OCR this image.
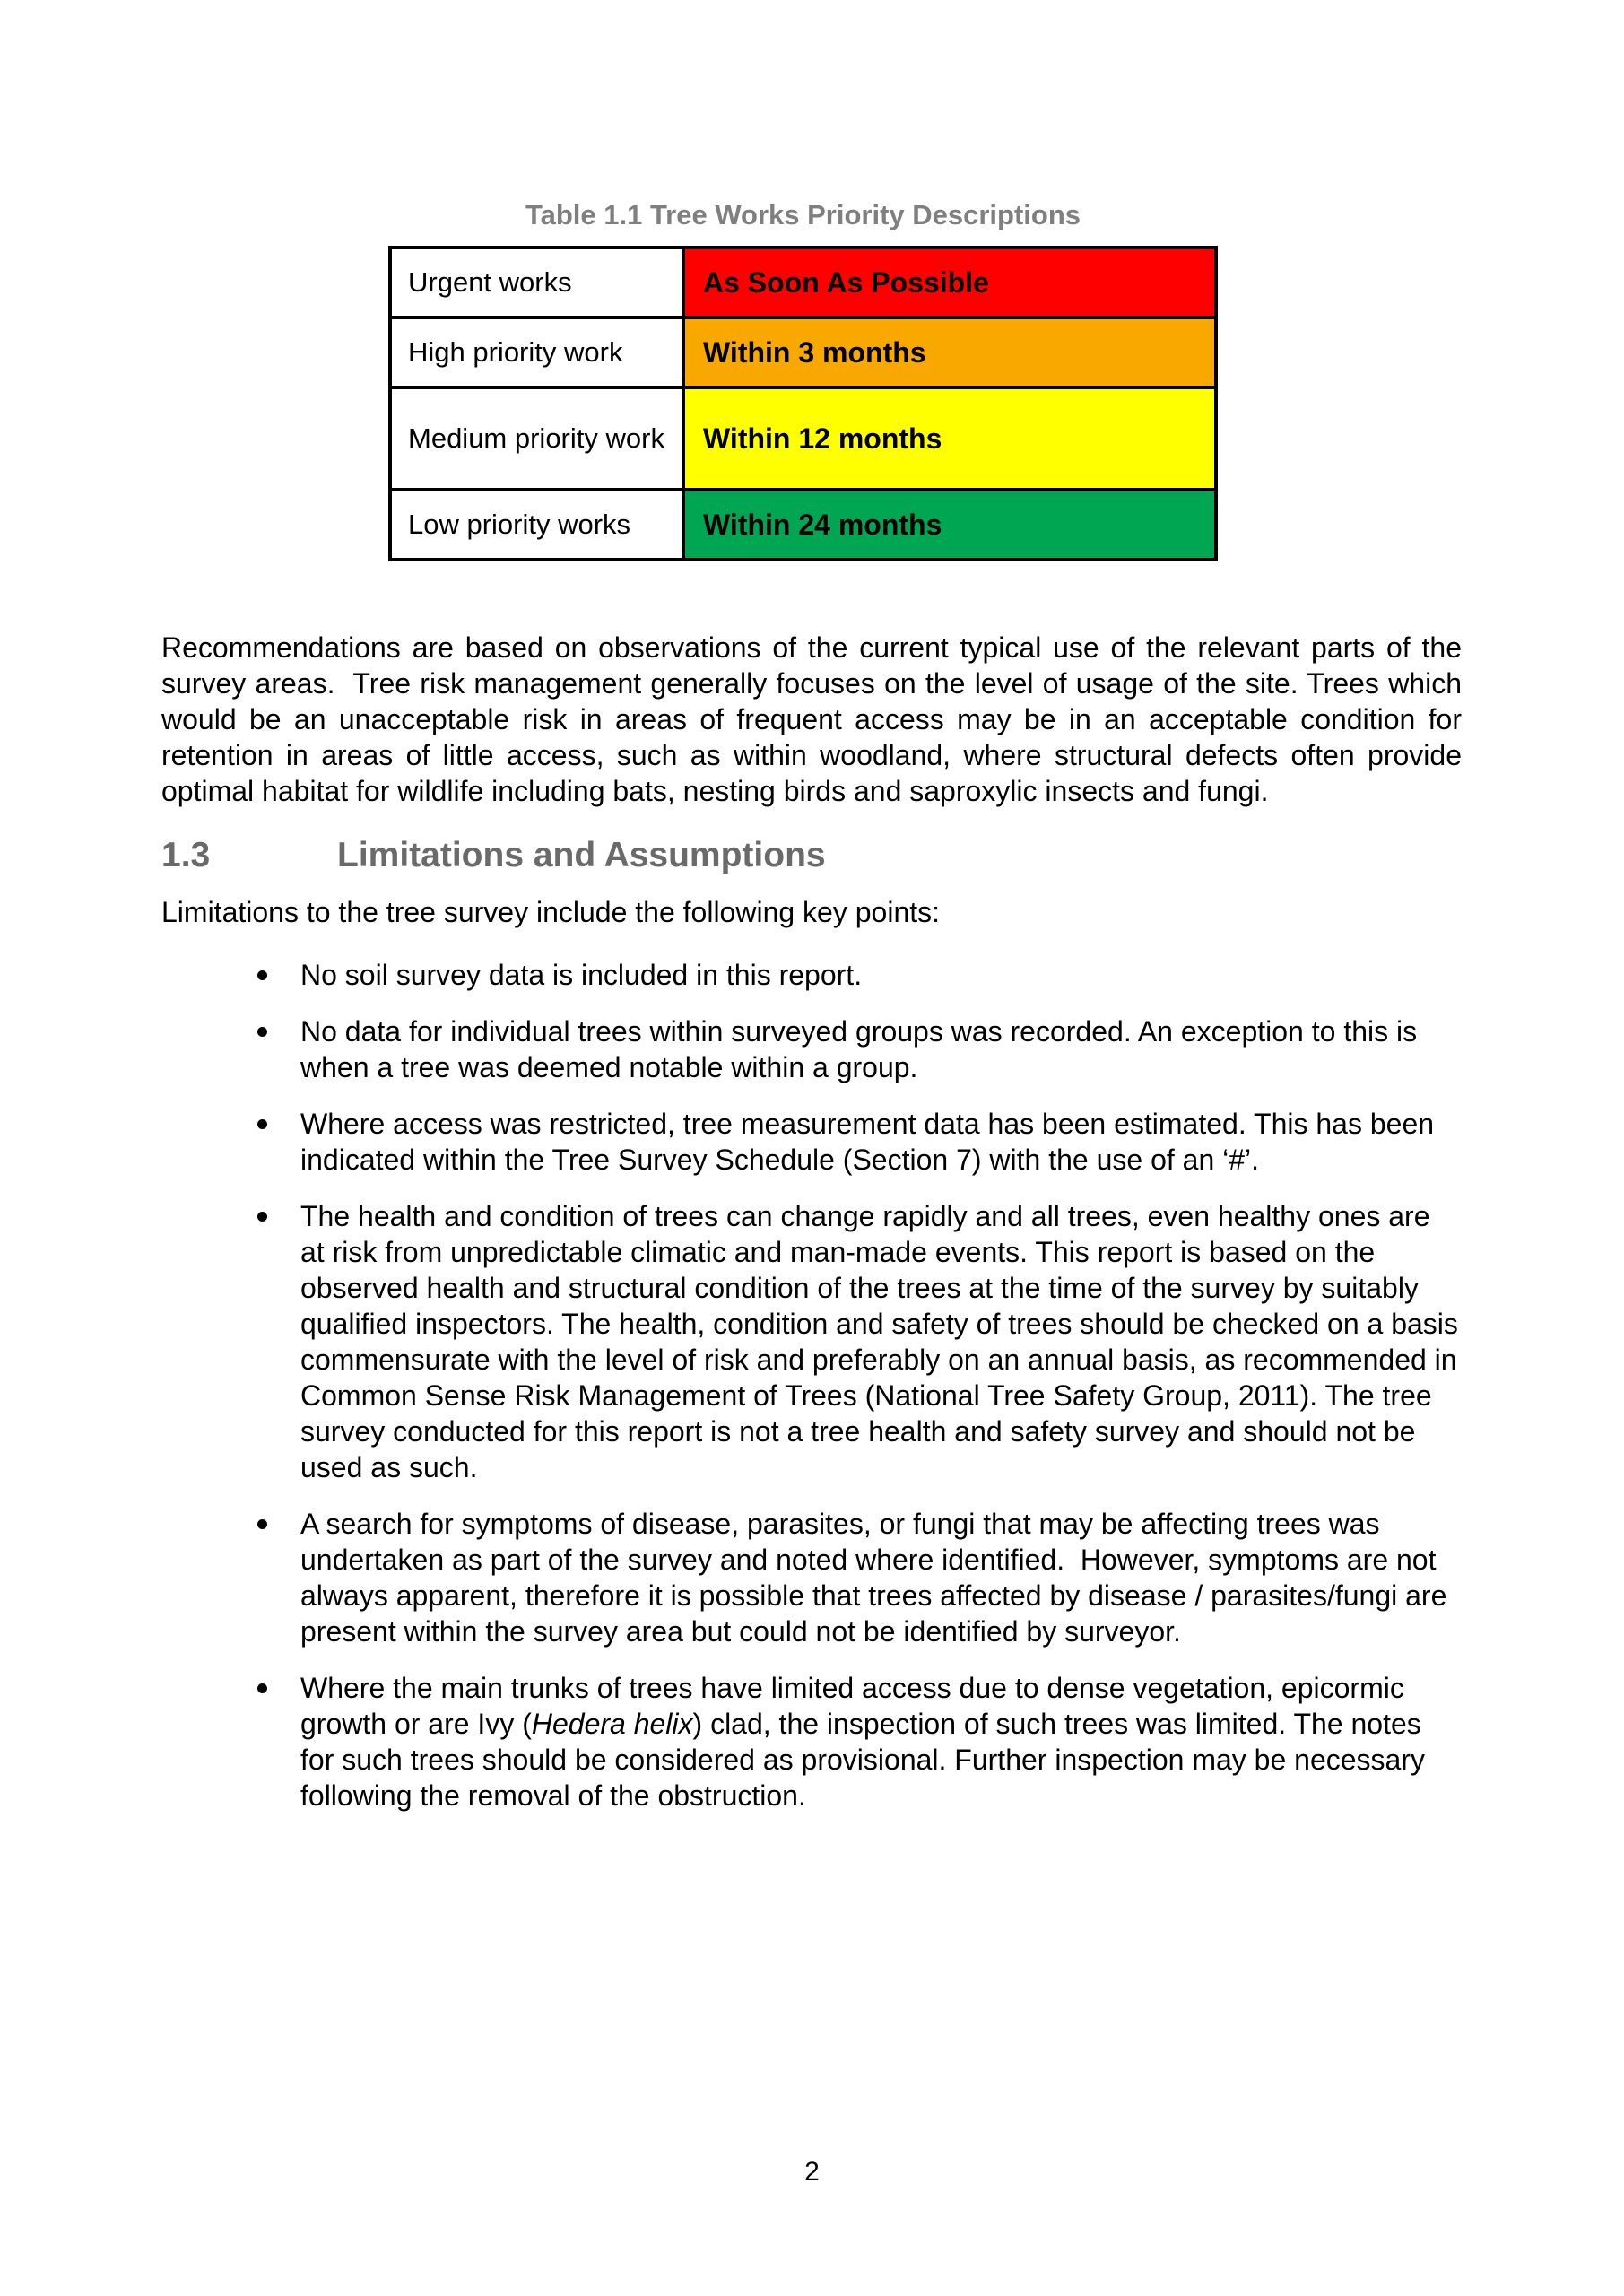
Table 1.1 Tree Works Priority Descriptions
Urgent works	As Soon As Possible
High priority work	Within 3 months
Medium priority work	Within 12 months
Low priority works	Within 24 months

Recommendations are based on observations of the current typical use of the relevant parts of the survey areas.  Tree risk management generally focuses on the level of usage of the site. Trees which would be an unacceptable risk in areas of frequent access may be in an acceptable condition for retention in areas of little access, such as within woodland, where structural defects often provide optimal habitat for wildlife including bats, nesting birds and saproxylic insects and fungi.

1.3	Limitations and Assumptions

Limitations to the tree survey include the following key points:

No soil survey data is included in this report.
No data for individual trees within surveyed groups was recorded. An exception to this is when a tree was deemed notable within a group.
Where access was restricted, tree measurement data has been estimated. This has been indicated within the Tree Survey Schedule (Section 7) with the use of an ‘#’.
The health and condition of trees can change rapidly and all trees, even healthy ones are at risk from unpredictable climatic and man-made events. This report is based on the observed health and structural condition of the trees at the time of the survey by suitably qualified inspectors. The health, condition and safety of trees should be checked on a basis commensurate with the level of risk and preferably on an annual basis, as recommended in Common Sense Risk Management of Trees (National Tree Safety Group, 2011). The tree survey conducted for this report is not a tree health and safety survey and should not be used as such.
A search for symptoms of disease, parasites, or fungi that may be affecting trees was undertaken as part of the survey and noted where identified.  However, symptoms are not always apparent, therefore it is possible that trees affected by disease / parasites/fungi are present within the survey area but could not be identified by surveyor.
Where the main trunks of trees have limited access due to dense vegetation, epicormic growth or are Ivy (Hedera helix) clad, the inspection of such trees was limited. The notes for such trees should be considered as provisional. Further inspection may be necessary following the removal of the obstruction.
2
